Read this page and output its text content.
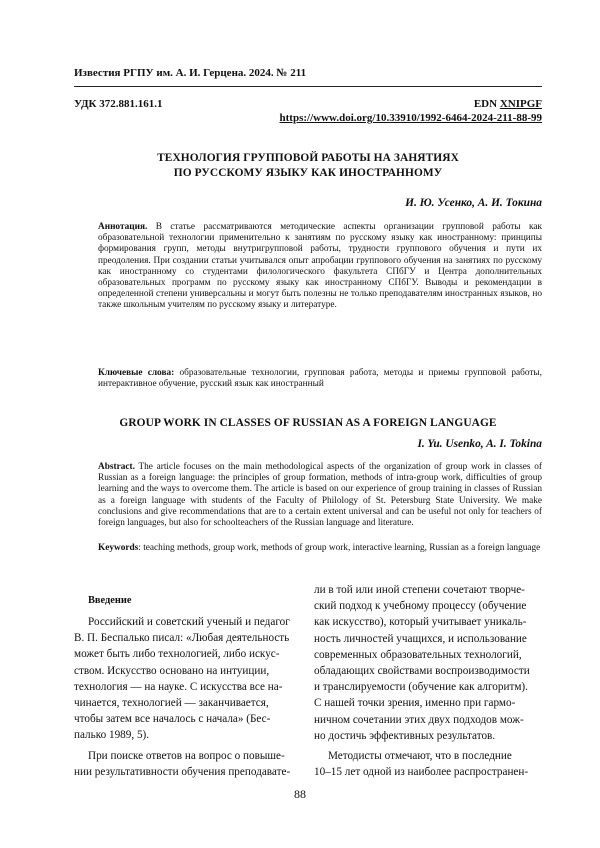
Известия РГПУ им. А. И. Герцена. 2024. № 211
УДК 372.881.161.1	EDN XNIPGF
https://www.doi.org/10.33910/1992-6464-2024-211-88-99
ТЕХНОЛОГИЯ ГРУППОВОЙ РАБОТЫ НА ЗАНЯТИЯХ
ПО РУССКОМУ ЯЗЫКУ КАК ИНОСТРАННОМУ
И. Ю. Усенко, А. И. Токина
Аннотация. В статье рассматриваются методические аспекты организации групповой работы как образовательной технологии применительно к занятиям по русскому языку как иностранному: принципы формирования групп, методы внутригрупповой работы, трудности группового обучения и пути их преодоления. При создании статьи учитывался опыт апробации группового обучения на занятиях по русскому как иностранному со студентами филологического факультета СПбГУ и Центра дополнительных образовательных программ по русскому языку как иностранному СПбГУ. Выводы и рекомендации в определенной степени универсальны и могут быть полезны не только преподавателям иностранных языков, но также школьным учителям по русскому языку и литературе.
Ключевые слова: образовательные технологии, групповая работа, методы и приемы групповой работы, интерактивное обучение, русский язык как иностранный
GROUP WORK IN CLASSES OF RUSSIAN AS A FOREIGN LANGUAGE
I. Yu. Usenko, A. I. Tokina
Abstract. The article focuses on the main methodological aspects of the organization of group work in classes of Russian as a foreign language: the principles of group formation, methods of intra-group work, difficulties of group learning and the ways to overcome them. The article is based on our experience of group training in classes of Russian as a foreign language with students of the Faculty of Philology of St. Petersburg State University. We make conclusions and give recommendations that are to a certain extent universal and can be useful not only for teachers of foreign languages, but also for schoolteachers of the Russian language and literature.
Keywords: teaching methods, group work, methods of group work, interactive learning, Russian as a foreign language
Введение
Российский и советский ученый и педагог
В. П. Беспалько писал: «Любая деятельность
может быть либо технологией, либо искус-
ством. Искусство основано на интуиции,
технология — на науке. С искусства все на-
чинается, технологией — заканчивается,
чтобы затем все началось с начала» (Бес-
палько 1989, 5).
При поиске ответов на вопрос о повыше-
нии результативности обучения преподавате-
ли в той или иной степени сочетают творче-
ский подход к учебному процессу (обучение
как искусство), который учитывает уникаль-
ность личностей учащихся, и использование
современных образовательных технологий,
обладающих свойствами воспроизводимости
и транслируемости (обучение как алгоритм).
С нашей точки зрения, именно при гармо-
ничном сочетании этих двух подходов мож-
но достичь эффективных результатов.
Методисты отмечают, что в последние
10–15 лет одной из наиболее распространен-
88
